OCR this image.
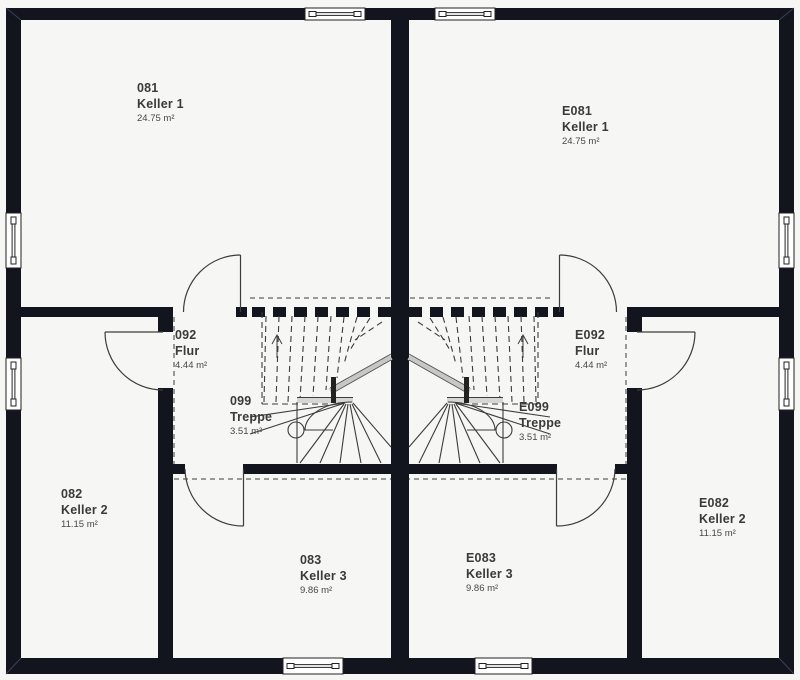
081
Keller 1
24.75 m²
092
Flur
4.44 m²
099
Treppe
3.51 m²
082
Keller 2
11.15 m²
083
Keller 3
9.86 m²
E081
Keller 1
24.75 m²
E092
Flur
4.44 m²
E099
Treppe
3.51 m²
E082
Keller 2
11.15 m²
E083
Keller 3
9.86 m²
